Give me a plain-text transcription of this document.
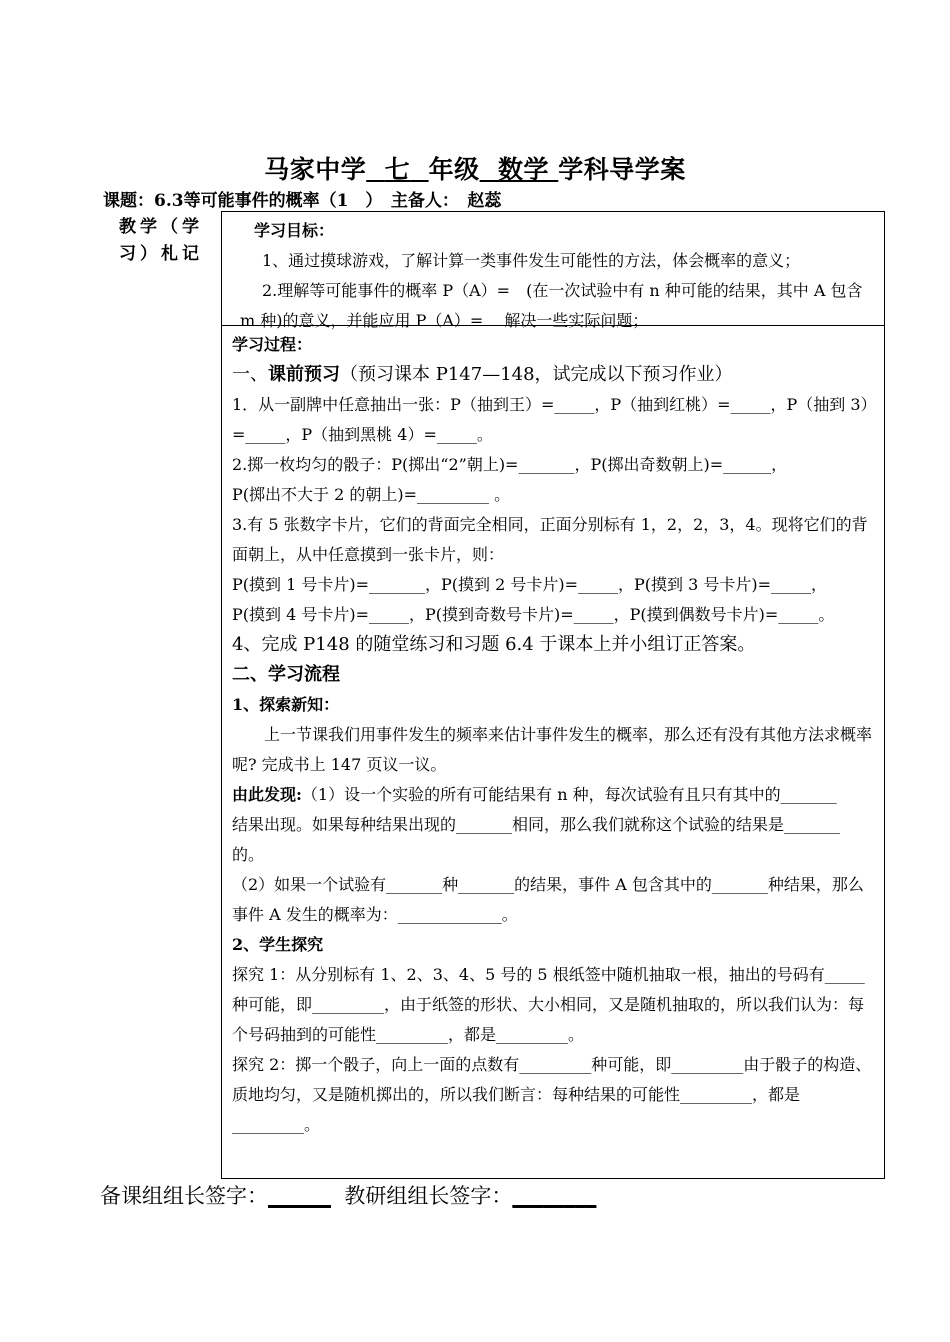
马家中学 七 年级 数学 学科导学案
课题：6.3等可能事件的概率（1　）　主备人：　赵蕊
教学（学习）札记

学习目标：

1、通过摸球游戏，了解计算一类事件发生可能性的方法，体会概率的意义；

2.理解等可能事件的概率 P（A）=　(在一次试验中有 n 种可能的结果，其中 A 包含 m 种)的意义，并能应用 P（A）=　 解决一些实际问题；

学习过程：

一、课前预习（预习课本 P147—148，试完成以下预习作业）

1．从一副牌中任意抽出一张：P（抽到王）=_____，P（抽到红桃）=_____，P（抽到 3）=_____，P（抽到黑桃 4）=_____。

2.掷一枚均匀的骰子：P(掷出“2”朝上)=_______，P(掷出奇数朝上)=______，

P(掷出不大于 2 的朝上)=_________ 。

3.有 5 张数字卡片，它们的背面完全相同，正面分别标有 1，2，2，3，4。现将它们的背面朝上，从中任意摸到一张卡片，则：

P(摸到 1 号卡片)=_______，P(摸到 2 号卡片)=_____，P(摸到 3 号卡片)=_____，

P(摸到 4 号卡片)=_____，P(摸到奇数号卡片)=_____，P(摸到偶数号卡片)=_____。

4、完成 P148 的随堂练习和习题 6.4 于课本上并小组订正答案。

二、学习流程

1、探索新知：

上一节课我们用事件发生的频率来估计事件发生的概率，那么还有没有其他方法求概率呢? 完成书上 147 页议一议。

由此发现:（1）设一个实验的所有可能结果有 n 种，每次试验有且只有其中的_______　　结果出现。如果每种结果出现的_______相同，那么我们就称这个试验的结果是_______　的。

（2）如果一个试验有_______种_______的结果，事件 A 包含其中的_______种结果，那么事件 A 发生的概率为：_____________。

2、学生探究

探究 1：从分别标有 1、2、3、4、5 号的 5 根纸签中随机抽取一根，抽出的号码有_____种可能，即_________，由于纸签的形状、大小相同，又是随机抽取的，所以我们认为：每个号码抽到的可能性_________，都是_________。

探究 2：掷一个骰子，向上一面的点数有_________种可能，即_________由于骰子的构造、质地均匀，又是随机掷出的，所以我们断言：每种结果的可能性_________，都是_________。

备课组组长签字：______ 教研组组长签字：________
